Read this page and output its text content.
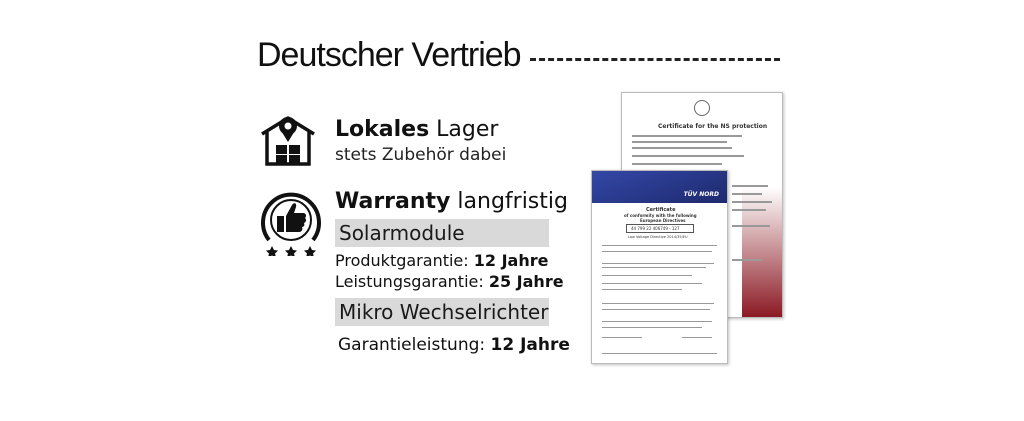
Deutscher Vertrieb
Lokales Lager
stets Zubehör dabei
Warranty langfristig
Solarmodule
Produktgarantie: 12 Jahre
Leistungsgarantie: 25 Jahre
Mikro Wechselrichter
Garantieleistung: 12 Jahre
Certificate for the NS protection
TÜV NORD
Certificate
of conformity with the following
European Directives
44 799 22 406749 - 127
Low Voltage Directive 2014/35/EU
